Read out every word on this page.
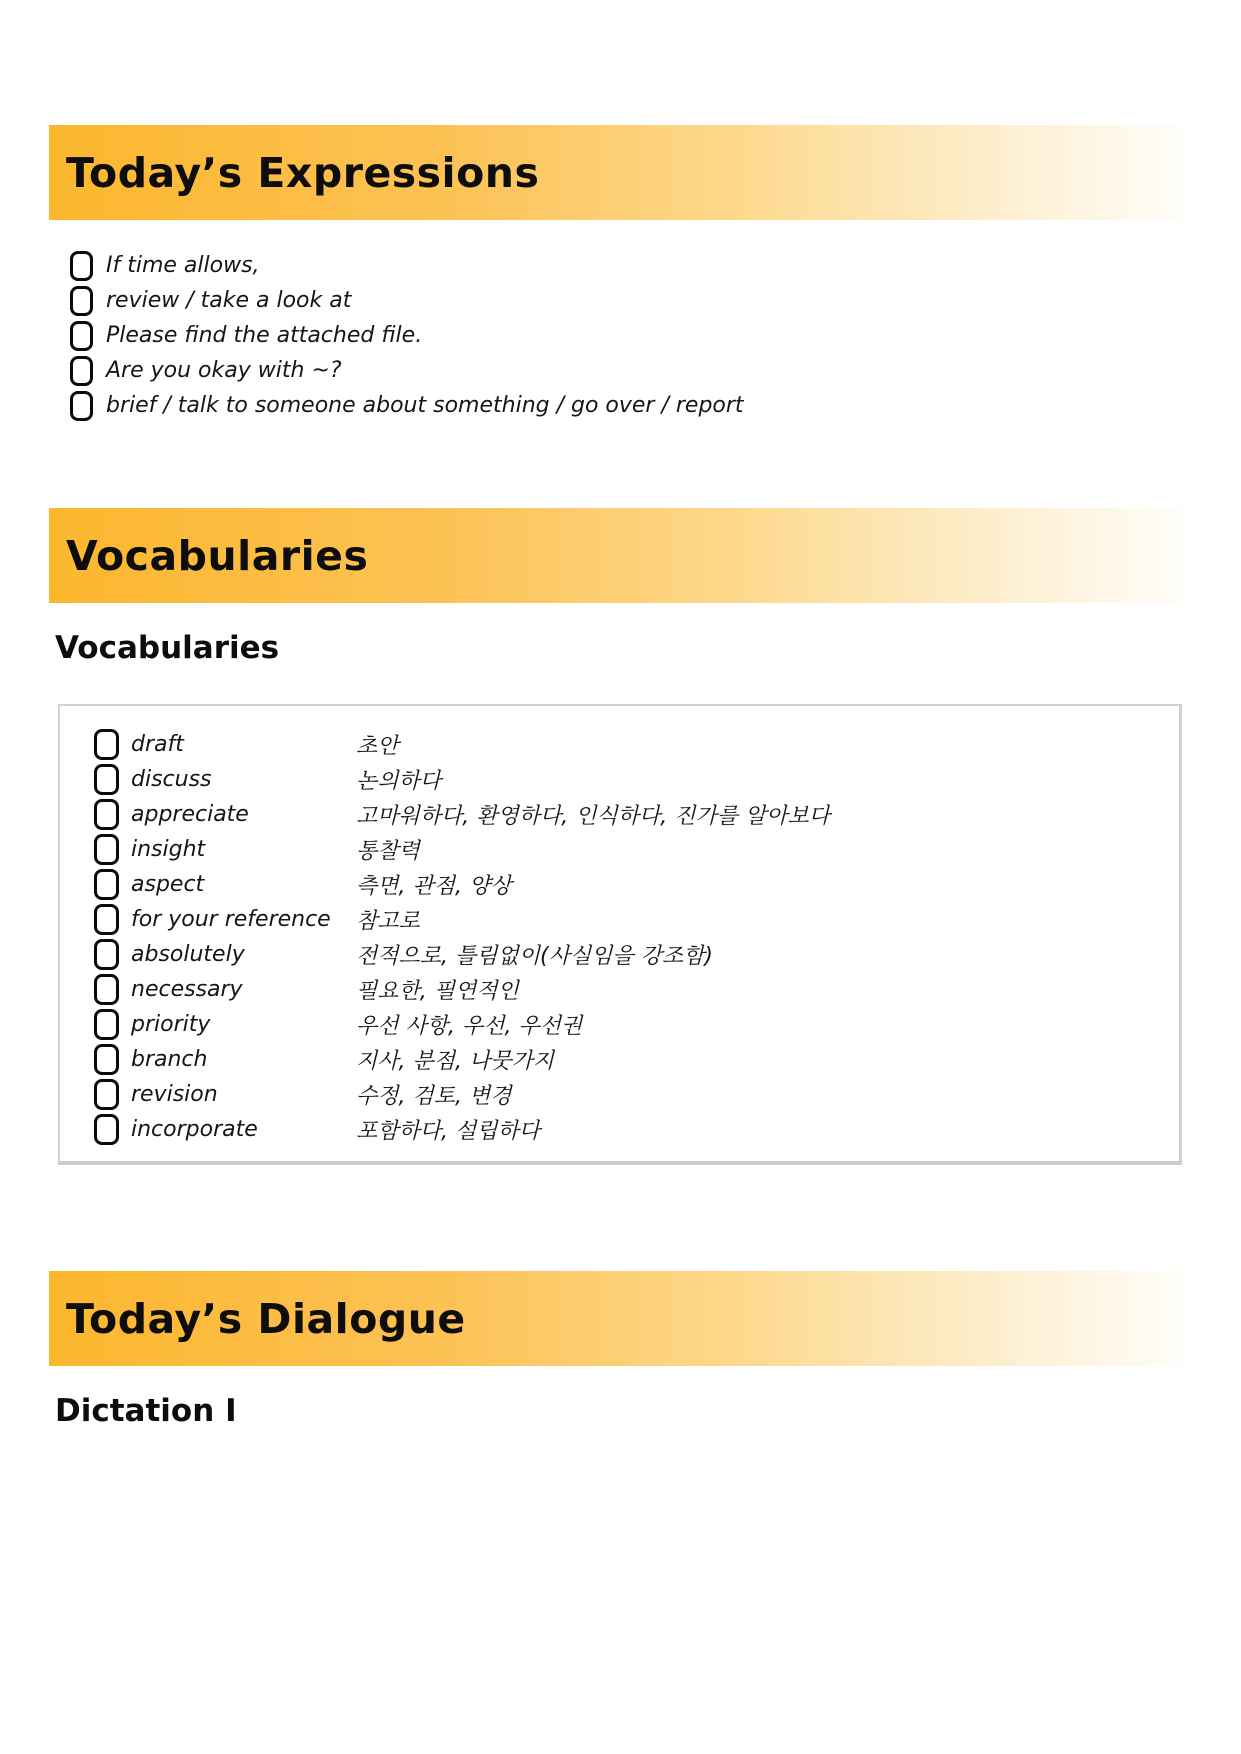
Today’s Expressions
If time allows,
review / take a look at
Please find the attached file.
Are you okay with ~?
brief / talk to someone about something / go over / report
Vocabularies
Vocabularies
draft	초안
discuss	논의하다
appreciate	고마워하다, 환영하다, 인식하다, 진가를 알아보다
insight	통찰력
aspect	측면, 관점, 양상
for your reference	참고로
absolutely	전적으로, 틀림없이(사실임을 강조함)
necessary	필요한, 필연적인
priority	우선 사항, 우선, 우선권
branch	지사, 분점, 나뭇가지
revision	수정, 검토, 변경
incorporate	포함하다, 설립하다
Today’s Dialogue
Dictation I
